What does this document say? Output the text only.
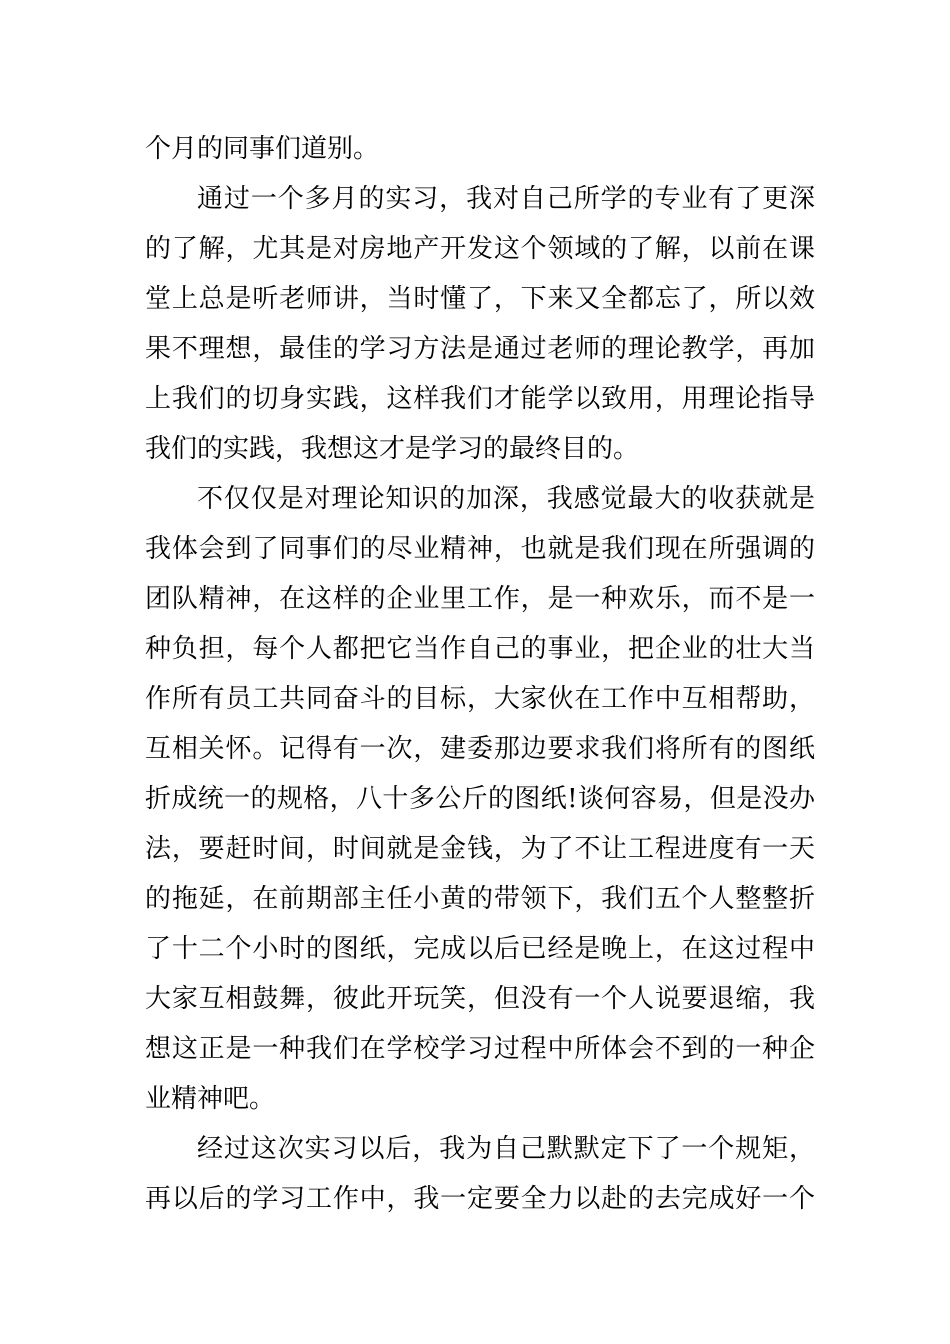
个月的同事们道别。
通过一个多月的实习，我对自己所学的专业有了更深
的了解，尤其是对房地产开发这个领域的了解，以前在课
堂上总是听老师讲，当时懂了，下来又全都忘了，所以效
果不理想，最佳的学习方法是通过老师的理论教学，再加
上我们的切身实践，这样我们才能学以致用，用理论指导
我们的实践，我想这才是学习的最终目的。
不仅仅是对理论知识的加深，我感觉最大的收获就是
我体会到了同事们的尽业精神，也就是我们现在所强调的
团队精神，在这样的企业里工作，是一种欢乐，而不是一
种负担，每个人都把它当作自己的事业，把企业的壮大当
作所有员工共同奋斗的目标，大家伙在工作中互相帮助，
互相关怀。记得有一次，建委那边要求我们将所有的图纸
折成统一的规格，八十多公斤的图纸!谈何容易，但是没办
法，要赶时间，时间就是金钱，为了不让工程进度有一天
的拖延，在前期部主任小黄的带领下，我们五个人整整折
了十二个小时的图纸，完成以后已经是晚上，在这过程中
大家互相鼓舞，彼此开玩笑，但没有一个人说要退缩，我
想这正是一种我们在学校学习过程中所体会不到的一种企
业精神吧。
经过这次实习以后，我为自己默默定下了一个规矩，
再以后的学习工作中，我一定要全力以赴的去完成好一个
